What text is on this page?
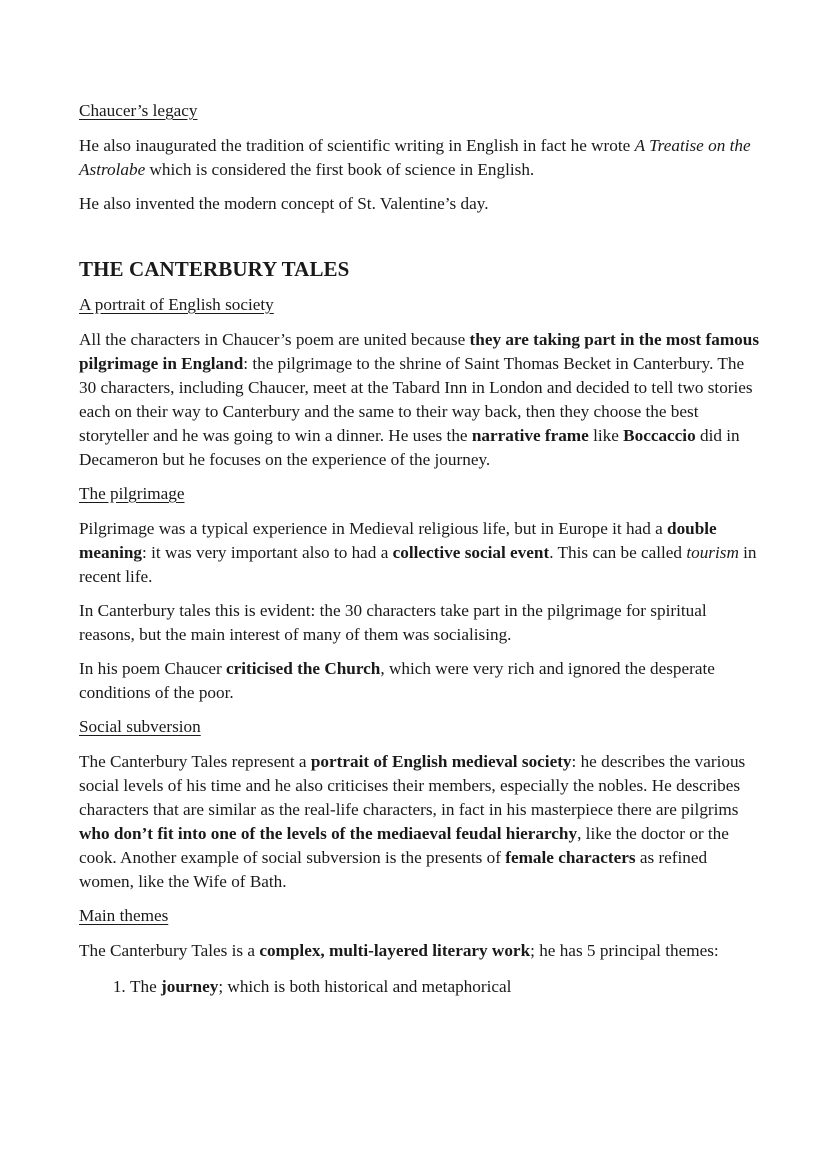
Chaucer’s legacy

He also inaugurated the tradition of scientific writing in English in fact he wrote A Treatise on the Astrolabe which is considered the first book of science in English.

He also invented the modern concept of St. Valentine’s day.

THE CANTERBURY TALES

A portrait of English society

All the characters in Chaucer’s poem are united because they are taking part in the most famous pilgrimage in England: the pilgrimage to the shrine of Saint Thomas Becket in Canterbury. The 30 characters, including Chaucer, meet at the Tabard Inn in London and decided to tell two stories each on their way to Canterbury and the same to their way back, then they choose the best storyteller and he was going to win a dinner. He uses the narrative frame like Boccaccio did in Decameron but he focuses on the experience of the journey.

The pilgrimage

Pilgrimage was a typical experience in Medieval religious life, but in Europe it had a double meaning: it was very important also to had a collective social event. This can be called tourism in recent life.

In Canterbury tales this is evident: the 30 characters take part in the pilgrimage for spiritual reasons, but the main interest of many of them was socialising.

In his poem Chaucer criticised the Church, which were very rich and ignored the desperate conditions of the poor.

Social subversion

The Canterbury Tales represent a portrait of English medieval society: he describes the various social levels of his time and he also criticises their members, especially the nobles. He describes characters that are similar as the real-life characters, in fact in his masterpiece there are pilgrims who don’t fit into one of the levels of the mediaeval feudal hierarchy, like the doctor or the cook. Another example of social subversion is the presents of female characters as refined women, like the Wife of Bath.

Main themes

The Canterbury Tales is a complex, multi-layered literary work; he has 5 principal themes:

1. The journey; which is both historical and metaphorical
